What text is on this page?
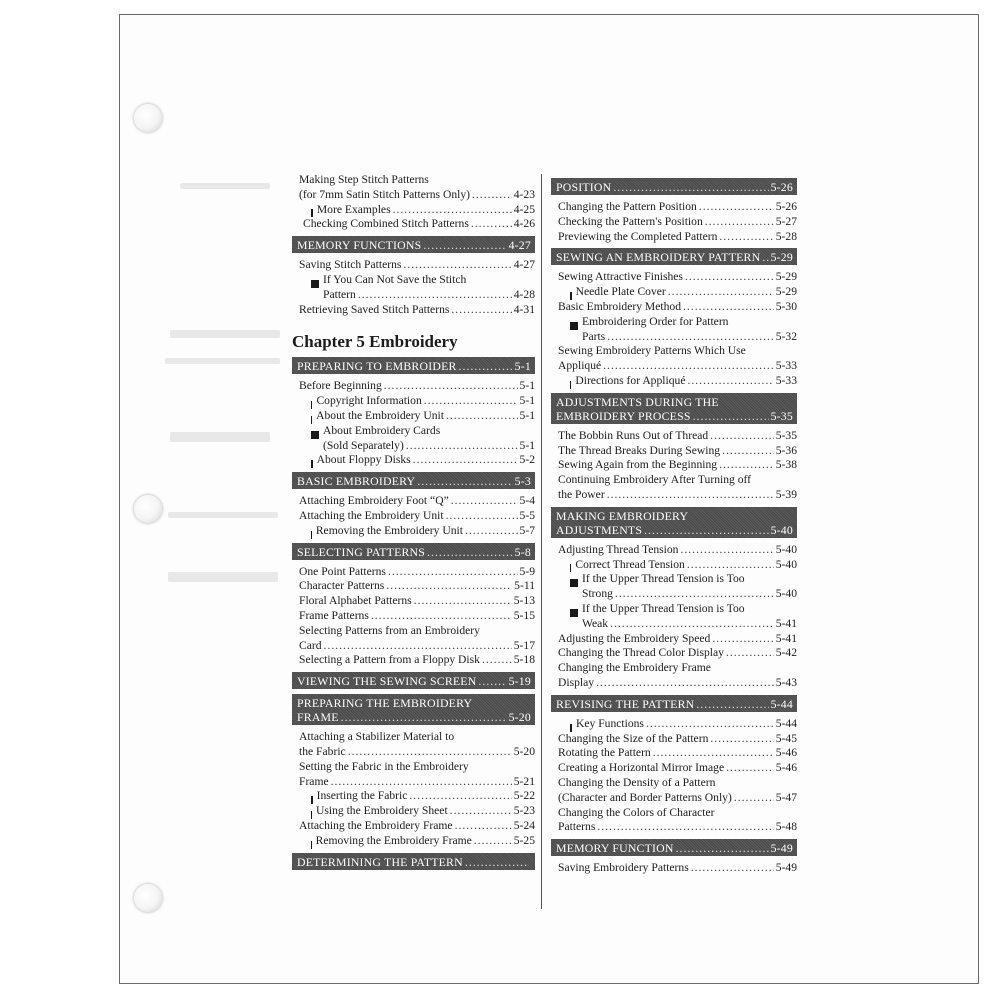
Making Step Stitch Patterns
(for 7mm Satin Stitch Patterns Only) .....	4-23
More Examples .....	4-25
Checking Combined Stitch Patterns .....	4-26
MEMORY FUNCTIONS .....	4-27
Saving Stitch Patterns .....	4-27
If You Can Not Save the Stitch
Pattern .....	4-28
Retrieving Saved Stitch Patterns .....	4-31
Chapter 5 Embroidery
PREPARING TO EMBROIDER .....	5-1
Before Beginning .....	5-1
Copyright Information .....	5-1
About the Embroidery Unit .....	5-1
About Embroidery Cards
(Sold Separately) .....	5-1
About Floppy Disks .....	5-2
BASIC EMBROIDERY .....	5-3
Attaching Embroidery Foot “Q” .....	5-4
Attaching the Embroidery Unit .....	5-5
Removing the Embroidery Unit .....	5-7
SELECTING PATTERNS .....	5-8
One Point Patterns .....	5-9
Character Patterns .....	5-11
Floral Alphabet Patterns .....	5-13
Frame Patterns .....	5-15
Selecting Patterns from an Embroidery
Card .....	5-17
Selecting a Pattern from a Floppy Disk .....	5-18
VIEWING THE SEWING SCREEN .....	5-19
PREPARING THE EMBROIDERY
FRAME .....	5-20
Attaching a Stabilizer Material to
the Fabric .....	5-20
Setting the Fabric in the Embroidery
Frame .....	5-21
Inserting the Fabric .....	5-22
Using the Embroidery Sheet .....	5-23
Attaching the Embroidery Frame .....	5-24
Removing the Embroidery Frame .....	5-25
DETERMINING THE PATTERN
.....
POSITION .....	5-26
Changing the Pattern Position .....	5-26
Checking the Pattern's Position .....	5-27
Previewing the Completed Pattern .....	5-28
SEWING AN EMBROIDERY PATTERN ..... 5-29
Sewing Attractive Finishes .....	5-29
Needle Plate Cover .....	5-29
Basic Embroidery Method .....	5-30
Embroidering Order for Pattern
Parts .....	5-32
Sewing Embroidery Patterns Which Use
Appliqué .....	5-33
Directions for Appliqué .....	5-33
ADJUSTMENTS DURING THE
EMBROIDERY PROCESS .....	5-35
The Bobbin Runs Out of Thread .....	5-35
The Thread Breaks During Sewing .....	5-36
Sewing Again from the Beginning .....	5-38
Continuing Embroidery After Turning off
the Power .....	5-39
MAKING EMBROIDERY
ADJUSTMENTS .....	5-40
Adjusting Thread Tension .....	5-40
Correct Thread Tension .....	5-40
If the Upper Thread Tension is Too
Strong .....	5-40
If the Upper Thread Tension is Too
Weak .....	5-41
Adjusting the Embroidery Speed .....	5-41
Changing the Thread Color Display .....	5-42
Changing the Embroidery Frame
Display .....	5-43
REVISING THE PATTERN .....	5-44
Key Functions .....	5-44
Changing the Size of the Pattern .....	5-45
Rotating the Pattern .....	5-46
Creating a Horizontal Mirror Image .....	5-46
Changing the Density of a Pattern
(Character and Border Patterns Only) .....	5-47
Changing the Colors of Character
Patterns .....	5-48
MEMORY FUNCTION .....	5-49
Saving Embroidery Patterns .....	5-49
